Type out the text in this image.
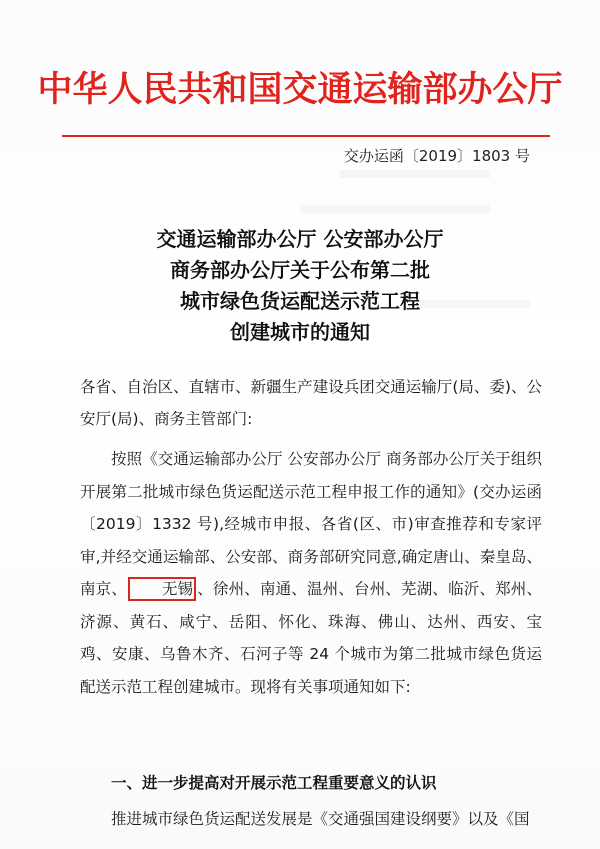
中华人民共和国交通运输部办公厅
交办运函〔2019〕1803 号
交通运输部办公厅 公安部办公厅
商务部办公厅关于公布第二批
城市绿色货运配送示范工程
创建城市的通知
各省、自治区、直辖市、新疆生产建设兵团交通运输厅(局、委)、公安厅(局)、商务主管部门:
按照《交通运输部办公厅 公安部办公厅 商务部办公厅关于组织开展第二批城市绿色货运配送示范工程申报工作的通知》(交办运函〔2019〕1332 号),经城市申报、各省(区、市)审查推荐和专家评审,并经交通运输部、公安部、商务部研究同意,确定唐山、秦皇岛、南京、 无锡 、徐州、南通、温州、台州、芜湖、临沂、郑州、济源、黄石、咸宁、岳阳、怀化、珠海、佛山、达州、西安、宝鸡、安康、乌鲁木齐、石河子等 24 个城市为第二批城市绿色货运配送示范工程创建城市。现将有关事项通知如下:
一、进一步提高对开展示范工程重要意义的认识
推进城市绿色货运配送发展是《交通强国建设纲要》以及《国
